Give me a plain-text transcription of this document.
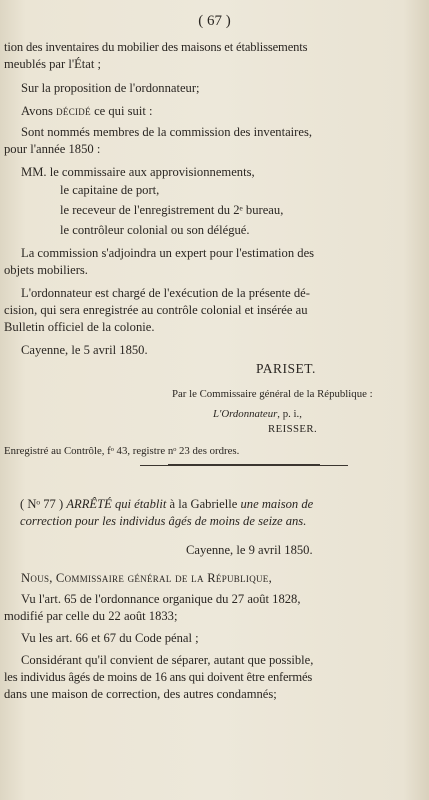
( 67 )
tion des inventaires du mobilier des maisons et établissements
meublés par l'État ;
Sur la proposition de l'ordonnateur;
Avons décidé ce qui suit :
Sont nommés membres de la commission des inventaires,
pour l'année 1850 :
MM. le commissaire aux approvisionnements,
le capitaine de port,
le receveur de l'enregistrement du 2ᵉ bureau,
le contrôleur colonial ou son délégué.
La commission s'adjoindra un expert pour l'estimation des
objets mobiliers.
L'ordonnateur est chargé de l'exécution de la présente dé-
cision, qui sera enregistrée au contrôle colonial et insérée au
Bulletin officiel de la colonie.
Cayenne, le 5 avril 1850.
PARISET.
Par le Commissaire général de la République :
L'Ordonnateur, p. i.,
REISSER.
Enregistré au Contrôle, fᵒ 43, registre nᵒ 23 des ordres.
( Nᵒ 77 ) ARRÊTÉ qui établit à la Gabrielle une maison de
correction pour les individus âgés de moins de seize ans.
Cayenne, le 9 avril 1850.
Nous, Commissaire général de la République,
Vu l'art. 65 de l'ordonnance organique du 27 août 1828,
modifié par celle du 22 août 1833;
Vu les art. 66 et 67 du Code pénal ;
Considérant qu'il convient de séparer, autant que possible,
les individus âgés de moins de 16 ans qui doivent être enfermés
dans une maison de correction, des autres condamnés;
